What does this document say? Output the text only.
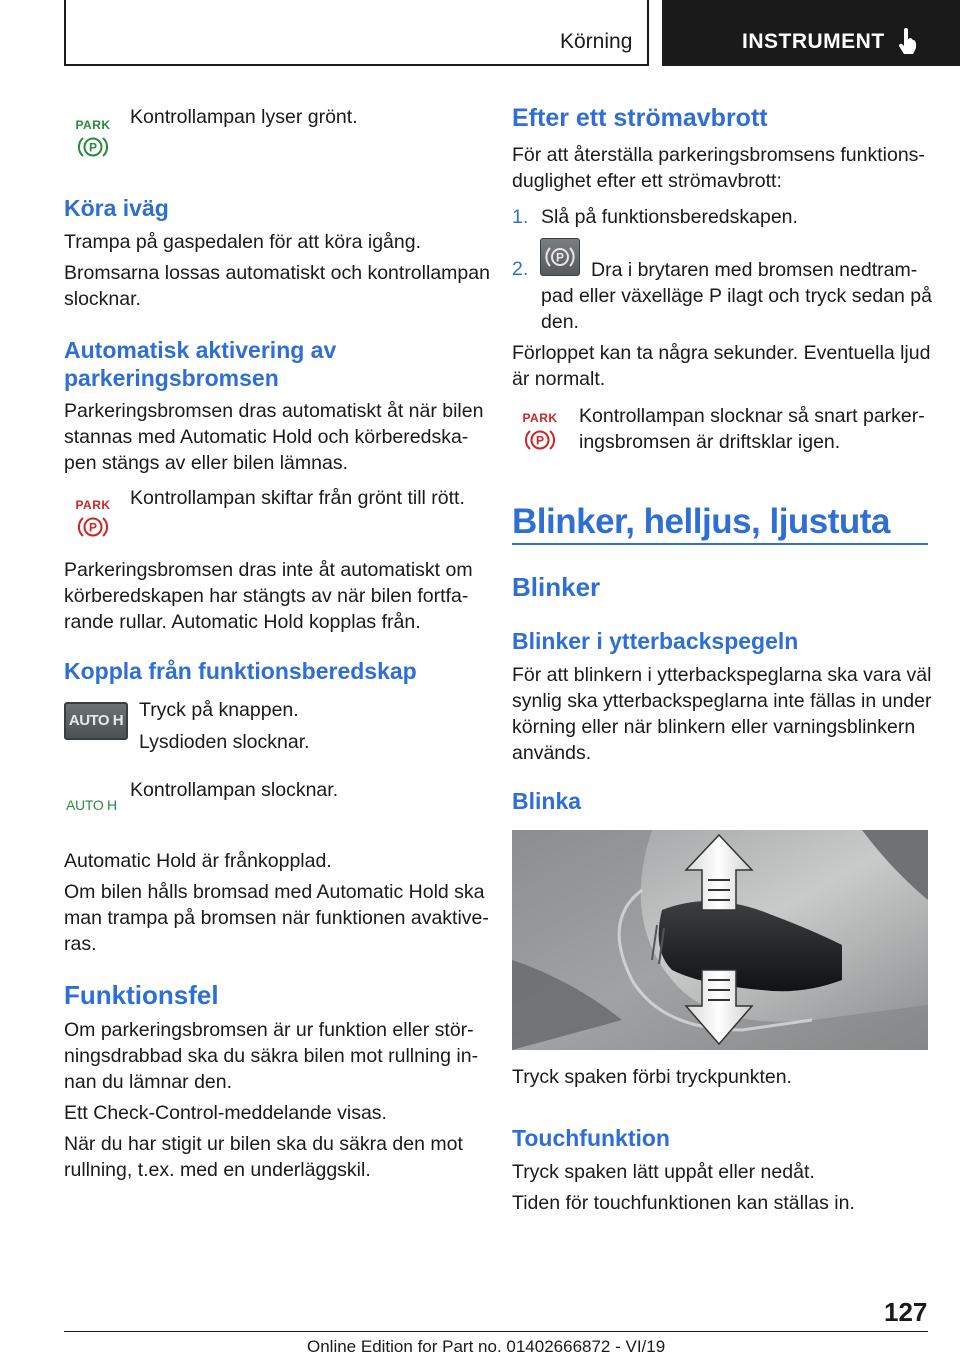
Körning	INSTRUMENT
PARK
P
Kontrollampan lyser grönt.
Köra iväg
Trampa på gaspedalen för att köra igång.
Bromsarna lossas automatiskt och kontrollampan
slocknar.
Automatisk aktivering av
parkeringsbromsen
Parkeringsbromsen dras automatiskt åt när bilen
stannas med Automatic Hold och körberedska‐
pen stängs av eller bilen lämnas.
PARK
P
Kontrollampan skiftar från grönt till rött.
Parkeringsbromsen dras inte åt automatiskt om
körberedskapen har stängts av när bilen fortfa‐
rande rullar. Automatic Hold kopplas från.
Koppla från funktionsberedskap
AUTO H Tryck på knappen.
Lysdioden slocknar.
AUTO H
Kontrollampan slocknar.
Automatic Hold är frånkopplad.
Om bilen hålls bromsad med Automatic Hold ska
man trampa på bromsen när funktionen avaktive‐
ras.
Funktionsfel
Om parkeringsbromsen är ur funktion eller stör‐
ningsdrabbad ska du säkra bilen mot rullning in‐
nan du lämnar den.
Ett Check-Control-meddelande visas.
När du har stigit ur bilen ska du säkra den mot
rullning, t.ex. med en underläggskil.
Efter ett strömavbrott
För att återställa parkeringsbromsens funktions‐
duglighet efter ett strömavbrott:
1. Slå på funktionsberedskapen.
2.
P
Dra i brytaren med bromsen nedtram‐
pad eller växelläge P ilagt och tryck sedan på
den.
Förloppet kan ta några sekunder. Eventuella ljud
är normalt.
PARK
P
Kontrollampan slocknar så snart parker‐
ingsbromsen är driftsklar igen.
Blinker, helljus, ljustuta
Blinker
Blinker i ytterbackspegeln
För att blinkern i ytterbackspeglarna ska vara väl
synlig ska ytterbackspeglarna inte fällas in under
körning eller när blinkern eller varningsblinkern
används.
Blinka
Tryck spaken förbi tryckpunkten.
Touchfunktion
Tryck spaken lätt uppåt eller nedåt.
Tiden för touchfunktionen kan ställas in.
127
Online Edition for Part no. 01402666872 - VI/19
